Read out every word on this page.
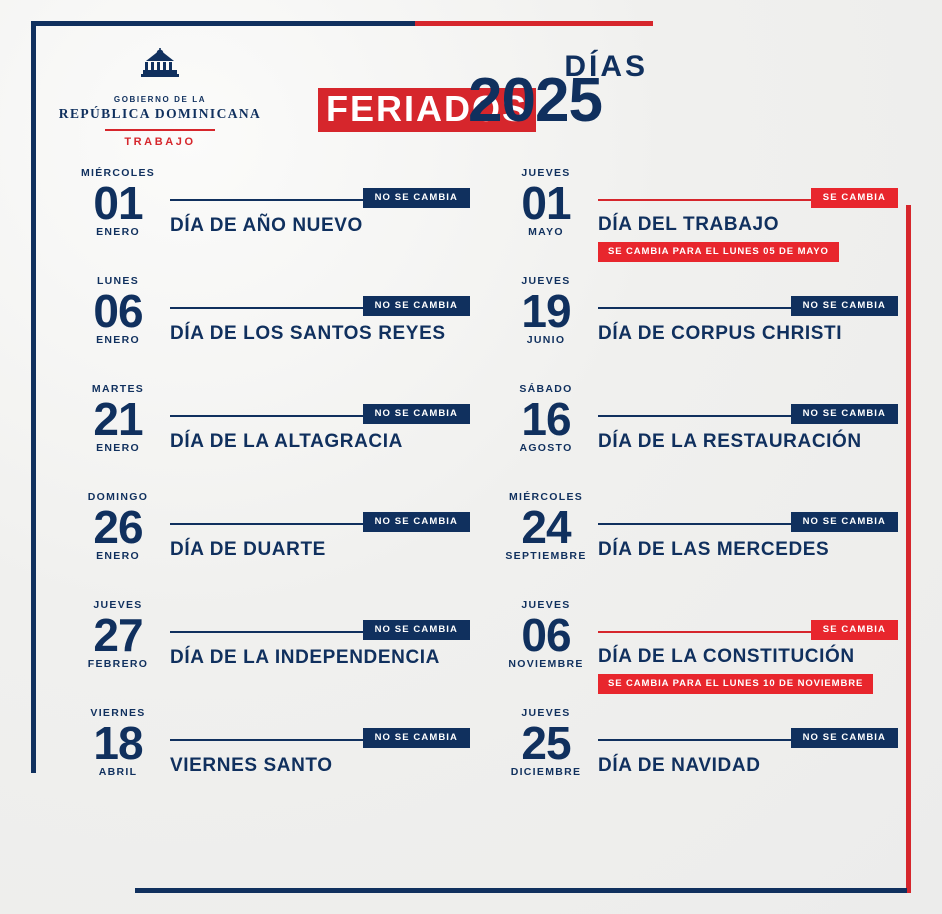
GOBIERNO DE LA
REPÚBLICA DOMINICANA
TRABAJO
DÍAS
FERIADOS
2025
MIÉRCOLES
01
ENERO
NO SE CAMBIA
DÍA DE AÑO NUEVO
LUNES
06
ENERO
NO SE CAMBIA
DÍA DE LOS SANTOS REYES
MARTES
21
ENERO
NO SE CAMBIA
DÍA DE LA ALTAGRACIA
DOMINGO
26
ENERO
NO SE CAMBIA
DÍA DE DUARTE
JUEVES
27
FEBRERO
NO SE CAMBIA
DÍA DE LA INDEPENDENCIA
VIERNES
18
ABRIL
NO SE CAMBIA
VIERNES SANTO
JUEVES
01
MAYO
SE CAMBIA
DÍA DEL TRABAJO
SE CAMBIA PARA EL LUNES 05 DE MAYO
JUEVES
19
JUNIO
NO SE CAMBIA
DÍA DE CORPUS CHRISTI
SÁBADO
16
AGOSTO
NO SE CAMBIA
DÍA DE LA RESTAURACIÓN
MIÉRCOLES
24
SEPTIEMBRE
NO SE CAMBIA
DÍA DE LAS MERCEDES
JUEVES
06
NOVIEMBRE
SE CAMBIA
DÍA DE LA CONSTITUCIÓN
SE CAMBIA PARA EL LUNES 10 DE NOVIEMBRE
JUEVES
25
DICIEMBRE
NO SE CAMBIA
DÍA DE NAVIDAD
